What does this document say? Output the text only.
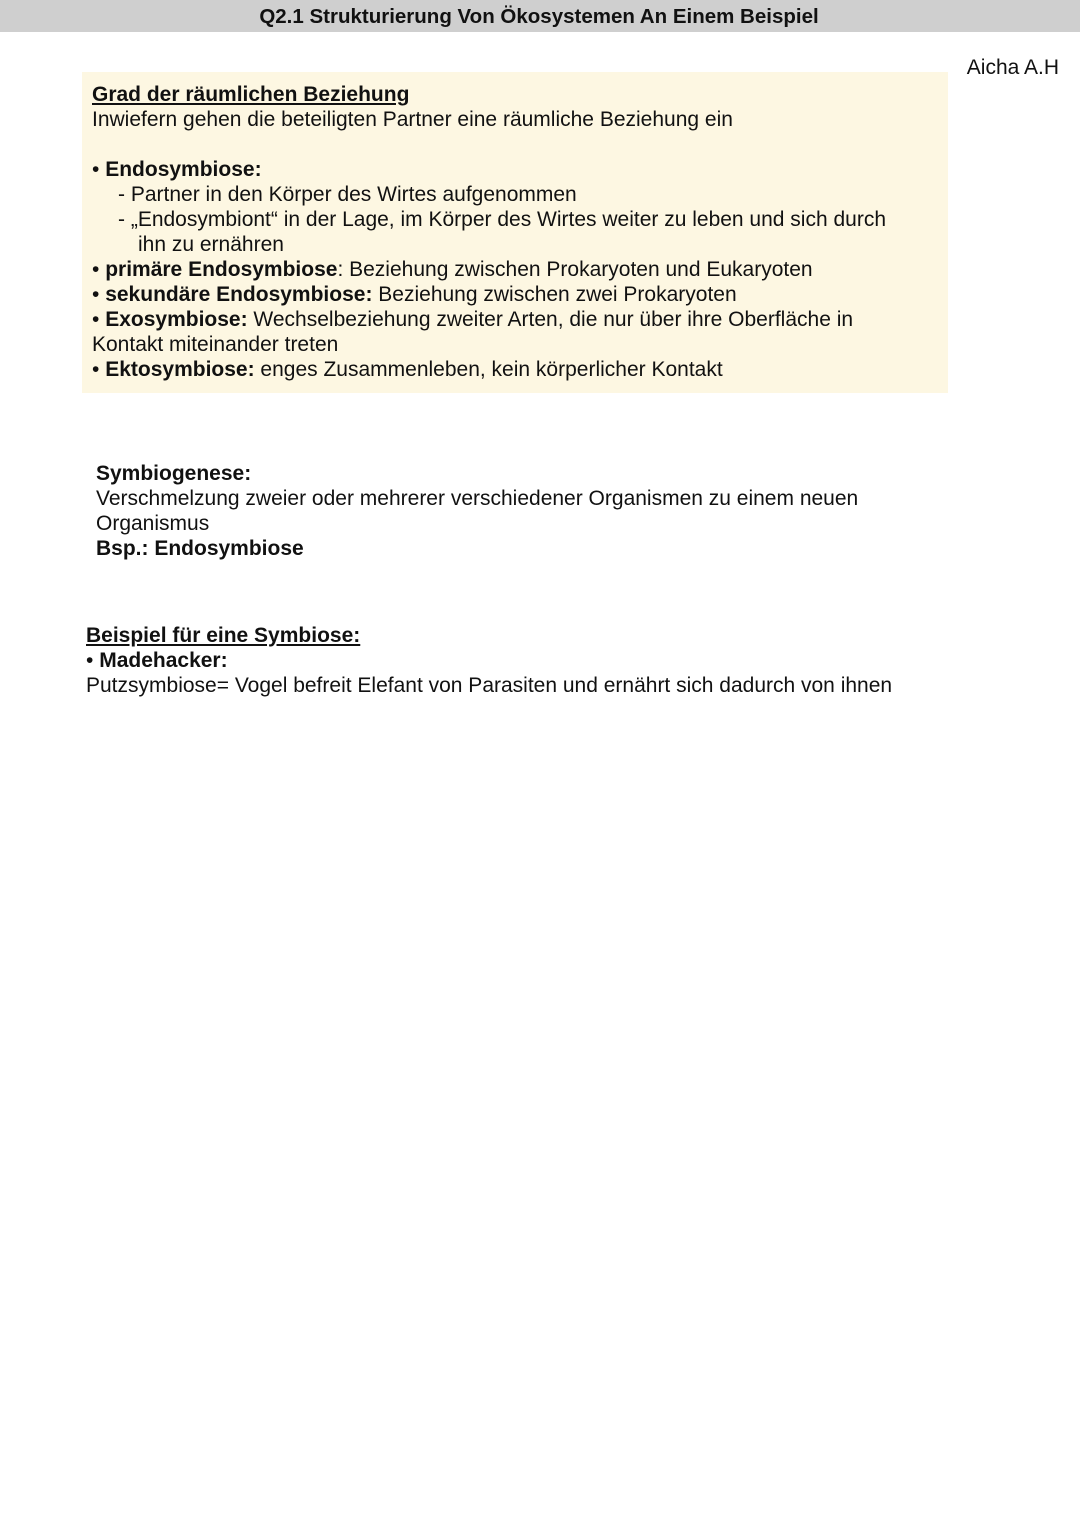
Q2.1 Strukturierung Von Ökosystemen An Einem Beispiel
Aicha A.H
Grad der räumlichen Beziehung
Inwiefern gehen die beteiligten Partner eine räumliche Beziehung ein
• Endosymbiose:
- Partner in den Körper des Wirtes aufgenommen
- „Endosymbiont“ in der Lage, im Körper des Wirtes weiter zu leben und sich durch
ihn zu ernähren
• primäre Endosymbiose: Beziehung zwischen Prokaryoten und Eukaryoten
• sekundäre Endosymbiose: Beziehung zwischen zwei Prokaryoten
• Exosymbiose: Wechselbeziehung zweiter Arten, die nur über ihre Oberfläche in
Kontakt miteinander treten
• Ektosymbiose: enges Zusammenleben, kein körperlicher Kontakt
Symbiogenese:
Verschmelzung zweier oder mehrerer verschiedener Organismen zu einem neuen
Organismus
Bsp.: Endosymbiose
Beispiel für eine Symbiose:
• Madehacker:
Putzsymbiose= Vogel befreit Elefant von Parasiten und ernährt sich dadurch von ihnen
